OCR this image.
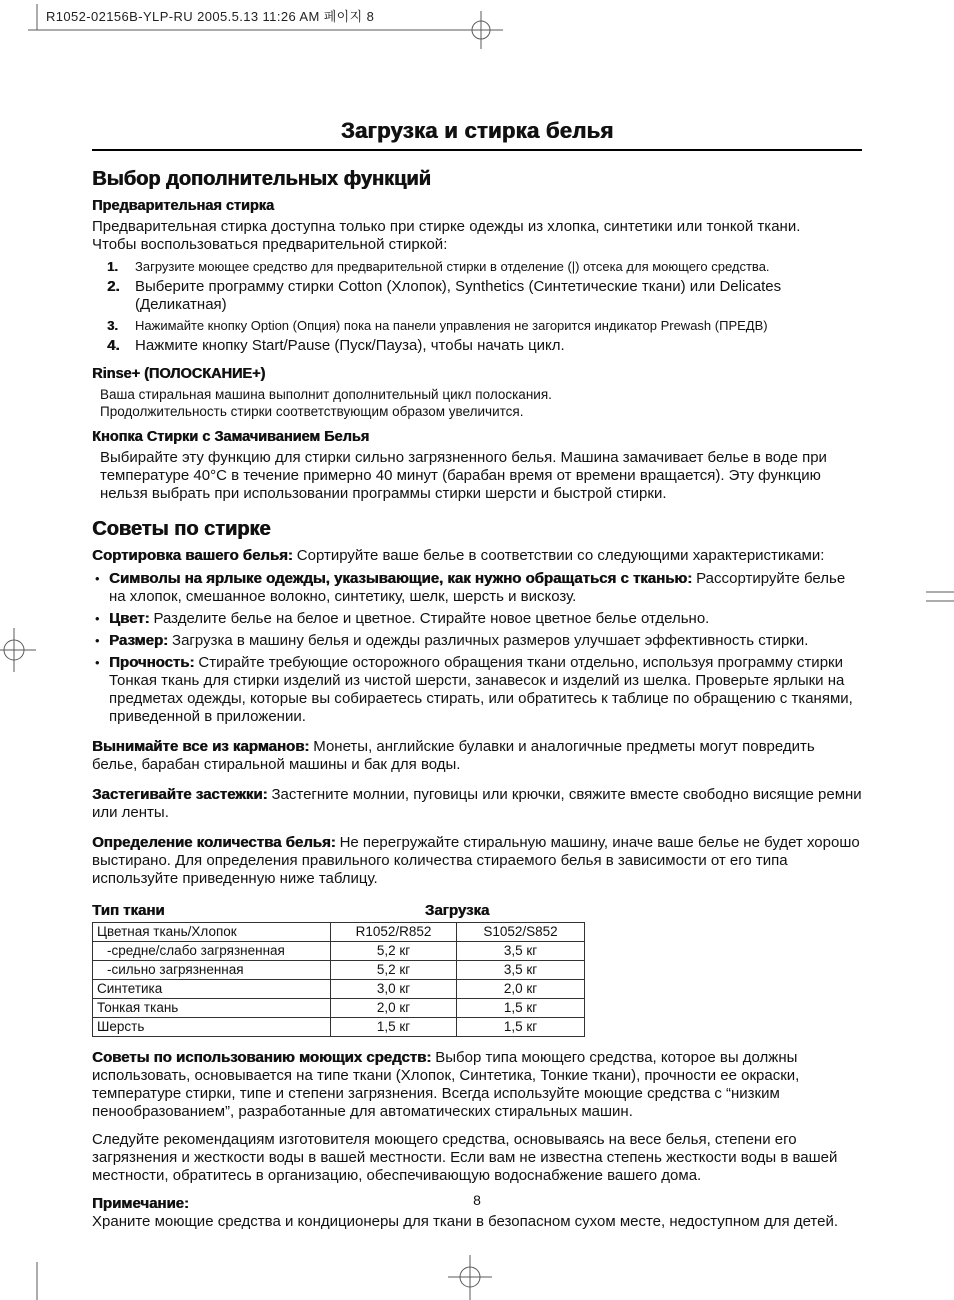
R1052-02156B-YLP-RU 2005.5.13 11:26 AM 페이지 8
Загрузка и стирка белья
Выбор дополнительных функций
Предварительная стирка

Предварительная стирка доступна только при стирке одежды из хлопка, синтетики или тонкой ткани.

Чтобы воспользоваться предварительной стиркой:

1.	Загрузите моющее средство для предварительной стирки в отделение (|) отсека для моющего средства.

2.	Выберите программу стирки Cotton (Хлопок), Synthetics (Синтетические ткани) или Delicates (Деликатная)

3.	Нажимайте кнопку Option (Опция) пока на панели управления не загорится индикатор Prewash (ПРЕДВ)

4.	Нажмите кнопку Start/Pause (Пуск/Пауза), чтобы начать цикл.

Rinse+ (ПОЛОСКАНИЕ+)

Ваша стиральная машина выполнит дополнительный цикл полоскания.

Продолжительность стирки соответствующим образом увеличится.

Кнопка Стирки с Замачиванием Белья

Выбирайте эту функцию для стирки сильно загрязненного белья. Машина замачивает белье в воде при температуре 40°C в течение примерно 40 минут (барабан время от времени вращается). Эту функцию нельзя выбрать при использовании программы стирки шерсти и быстрой стирки.

Советы по стирке

Сортировка вашего белья: Сортируйте ваше белье в соответствии со следующими характеристиками:

• Символы на ярлыке одежды, указывающие, как нужно обращаться с тканью: Рассортируйте белье на хлопок, смешанное волокно, синтетику, шелк, шерсть и вискозу.

• Цвет: Разделите белье на белое и цветное. Стирайте новое цветное белье отдельно.

• Размер: Загрузка в машину белья и одежды различных размеров улучшает эффективность стирки.

• Прочность: Стирайте требующие осторожного обращения ткани отдельно, используя программу стирки Тонкая ткань для стирки изделий из чистой шерсти, занавесок и изделий из шелка. Проверьте ярлыки на предметах одежды, которые вы собираетесь стирать, или обратитесь к таблице по обращению с тканями, приведенной в приложении.

Вынимайте все из карманов: Монеты, английские булавки и аналогичные предметы могут повредить белье, барабан стиральной машины и бак для воды.

Застегивайте застежки: Застегните молнии, пуговицы или крючки, свяжите вместе свободно висящие ремни или ленты.

Определение количества белья: Не перегружайте стиральную машину, иначе ваше белье не будет хорошо выстирано. Для определения правильного количества стираемого белья в зависимости от его типа используйте приведенную ниже таблицу.

Тип ткани	Загрузка
Цветная ткань/Хлопок	R1052/R852	S1052/S852
-средне/слабо загрязненная	5,2 кг	3,5 кг
-сильно загрязненная	5,2 кг	3,5 кг
Синтетика	3,0 кг	2,0 кг
Тонкая ткань	2,0 кг	1,5 кг
Шерсть	1,5 кг	1,5 кг

Советы по использованию моющих средств: Выбор типа моющего средства, которое вы должны использовать, основывается на типе ткани (Хлопок, Синтетика, Тонкие ткани), прочности ее окраски, температуре стирки, типе и степени загрязнения. Всегда используйте моющие средства с “низким пенообразованием”, разработанные для автоматических стиральных машин.

Следуйте рекомендациям изготовителя моющего средства, основываясь на весе белья, степени его загрязнения и жесткости воды в вашей местности. Если вам не известна степень жесткости воды в вашей местности, обратитесь в организацию, обеспечивающую водоснабжение вашего дома.

Примечание:

Храните моющие средства и кондиционеры для ткани в безопасном сухом месте, недоступном для детей.

8
